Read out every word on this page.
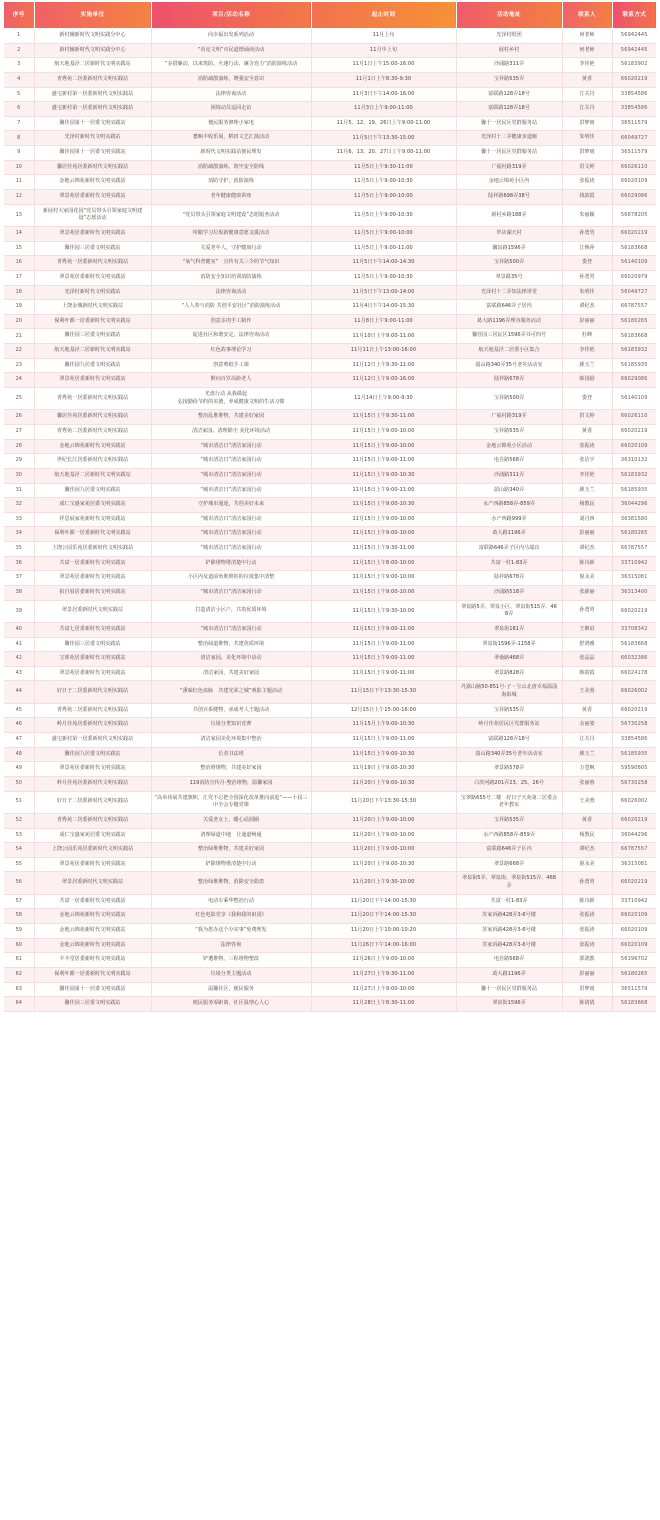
序号	实施单位	项目/活动名称	起止时间	活动地址	联系人	联系方式
1	新村辅新时代文明实践分中心	向幸福出发系列活动	11月上旬	光泽村组团	何老师	56942445
2	新村辅新时代文明实践分中心	“看见文明”市民道德诵读活动	11月中上旬	展村乡村	何老师	56942445
3	航天地基泾二居新时代文明实践站	“多措廉动，以来筑防、火速行动、廉含充力”消防演练活动	11月1日上午15:00-16:00	沙浦路311弄	李佳艳	56183902
4	青秀苑二居委新时代文明实践站	消防疏散演练，增强安全意识	11月1日上午8:30-9:30	宝昇路535弄	黄香	66020219
5	盛宅新村第一居委新时代文明实践站	法律咨询活动	11月3日下午14:00-16:00	富联路128弄18号	江关丹	33854586
6	盛宅新村第一居委新时代文明实践站	困境动员巡回走访	11月3日上午9:00-11:00	富联路128弄18号	江关丹	33854586
7	馨佳园第十一居委文明实践站	便民服务修理小家电	11月5、12、19、26日上午9:00-11:00	馨十一居民区党群服务站	洪梦雨	36511579
8	光泽村新时代文明实践站	耋晌丰收乐展，稻田文艺汇演活动	11月5日下午13:30-15:00	光泽村十二弄健康步道廊	朱明佳	66049727
9	馨佳园第十一居委文明实践站	新时代文明实践站便民理发	11月6、13、20、27日上午9:00-11:00	馨十一居民区党群服务站	洪梦雨	36511579
10	馨居佳苑居委新时代文明实践站	消防疏散演练、筑牢安全防线	11月5日上午9:30-11:00	广福村路319弄	洪文婷	66026110
11	金地云锦苑新时代文明实践站	消防守护，消防演练	11月5日上午9:00-10:30	金地云锦苑小区内	张振涛	66020109
12	翠景苑居委新时代文明实践站	老年健康健康讲座	11月5日上午9:00-10:00	陆祥路698弄38号	钱韵霞	66029086
13	新展村大家园花园“党员带头引领家庭文明建设”志愿活动	“党员带头引领家庭文明建设”志愿服务活动	11月5日上午9:00-10:30	新村乡路188弄	朱丽颖	56878205
14	翠景苑居委新时代文明实践站	垮跟学习垃圾新健康意愿支援活动	11月5日上午9:00-10:00	罗店湖天村	孙勇男	66020219
15	馨佳园三居委文明实践站	关爱老年人，守护健康行动	11月5日上午9:00-11:00	馨泉路1596弄	江焕萍	56183668
16	青秀苑一居委新时代文明实践站	“氧气科普健室”　宣传有关三令的节气知识	11月5日下午14:00-14:30	宝昇路500弄	娄登	56140109
17	翠景苑居委新时代文明实践站	消防安全知识培训消防演练	11月5日上午9:00-10:30	翠景路35号	孙勇男	66020979
18	光泽村新时代文明实践站	法律咨询活动	11月5日下午13:00-14:00	光泽村十二弄知法律讲堂	朱明佳	56049727
19	上饶金城新时代文明实践站	“人人参与消防 共创平安社区”消防演练活动	11月4日下午14:00-15:30	富联路646弄子居内	谭纪杰	66787557
20	保利叶都一居委新时代文明实践站	创意多肉手工制作	11月8日上午9:00-11:00	葛大路1196弄理容服务活动	彭丽丽	56180265
21	馨佳园三居委文明实践站	促进社区和谐安定，法律咨询活动	11月10日上午9:00-11:00	馨佳园三居民区1596弄书可四号	杜峰	56183668
22	航天地基泾二居新时代文明实践站	红色故事理论学习	11月11日上午13:00-16:00	航天地基泾二居委小区集合	李佳艳	56183932
23	馨佳园九居委文明实践站	创意剪纸手工课	11月12日上午9:30-11:00	韶山路340弄35号老年活动室	姚玉兰	56185935
24	翠景苑居委新时代文明实践站	默问百岁高龄老人	11月12日上午9:00-16:00	陆祥路678弄	韩国励	66029086
25	青秀苑一居委新时代文明实践站	光盘行动 从我做起  
弘扬勤俭节约的美德，养成健康文明的生活习惯	11月14日上午9:00-9:30	宝昇路500弄	娄登	56140109
26	馨居佳苑居委新时代文明实践站	整治乱堆堆物，共建美好家园	11月15日上午9:30-11:00	广福村路319弄	洪文婷	66026110
27	青秀苑二居委新时代文明实践站	清洁家园、清理除尘 美化环境活动	11月15日上午9:00-10:00	宝昇路535弄	黄香	66020219
28	金地云锦苑新时代文明实践站	“城市清洁日”清洁家园行动	11月15日上午9:00-10:00	金地云锦苑小区活动	张振涛	66020109
29	世纪长江居委新时代文明实践站	“城市清洁日”清洁家园行动	11月15日上午9:00-11:00	电自路568弄	张洁宇	36310132
30	航天地基泾二居新时代文明实践站	“城市清洁日”清洁家园行动	11月15日上午9:00-10:30	沙浦路311弄	李佳艳	56183932
31	馨佳园九居委文明实践站	“城市清洁日”清洁家园行动	11月15日上午9:00-11:00	韶山路340弄	姚玉兰	56185935
32	成仁宝盛家苑居委文明实践站	守护城市通途，共创美好未来	11月15日上午9:00-10:30	水产西路858弄-859弄	杨教民	36044296
33	祥思展家苑新时代文明实践站	“城市清洁日”清洁家园行动	11月15日上午9:00-10:00	水产西路999弄	刘丹西	36381580
34	保利叶都一居委新时代文明实践站	“城市清洁日”清洁家园行动	11月15日上午9:00-10:00	葛大路1196弄	彭丽丽	56180265
35	上饶公园乐苑居委新时代文明实践站	“城市清洁日”清洁家园行动	11月15日上午9:30-11:00	富联路646弄子区内马瑞店	谭纪杰	66787557
36	共富一居委新时代文明实践站	铲除堆物堆清楚中行动	11月15日上午8:00-10:00	共富一村1-83弄	陈诗新	33710942
37	翠景苑居委新时代文明实践站	小区内及道前角堆堆的的垃圾集中清整	11月15日上午9:00-10:00	陆祥路678弄	倪永美	36315081
38	拍自展居委新时代文明实践站	“城市清洁日”清洁家园行动	11月15日上午9:00-10:00	沙浦路518弄	张新丽	36313400
39	翠景居委新时代文明实践站	打造清洁小区户，共筑优质环境	11月15日上午9:30-10:00	翠泉路5弄、翠泉小区、翠泉街515弄、468弄	孙勇男	66020219
40	共富七居委新时代文明实践站	“城市清洁日”清洁家园行动	11月15日上午9:00-11:00	翠泉街181弄	王姬谊	33708342
41	馨佳园三居委文明实践站	整治绿道堆物、共建优质环境	11月15日上午9:00-11:00	翠泉街1596弄-1158弄	舒鸿雅	56183668
42	宝球苑居委新时代文明实践站	清洁家园，美化环境中活动	11月15日上午9:00-11:00	翠桑路468弄	张晶晶	66032386
43	翠景苑居委新时代文明实践站	清洁家园，共建美好家园	11月15日上午9:00-11:00	翠景路828弄	韩韵霞	66024178
44	好日子二居委新时代文明实践站	“熏味红色血脉　共建光荣之城”观影主题活动	11月15日下午13:30-15:30	丹露山脑50-851号-子・宝山北唐幸福温淄海影城	王美蓉	66026002
45	青秀苑二居委新时代文明实践站	共创百系健物，承成考人王题活动	12月15日上午15:00-16:00	宝昇路535弄	黄香	66020219
46	岭月佳苑居委新时代文明实践站	垃圾分类知识竞赛	11月15月上午9:00-10:30	岭月佳苑居民区党群服务站	余丽娄	56730258
47	盛宅新村第一居委新时代文明实践站	清洁家园美化环境集中整治	11月15日上午9:00-11:00	富联路128弄18号	江关丹	33854586
48	馨佳园九居委文明实践站	长者书法班	11月15日上午9:00-10:30	韶山路340弄35号老年活动室	姚玉兰	56185935
49	翠景苑居委新时代文明实践站	整治堆堆物，共建美好家园	11月19日上午9:00-10:30	翠景路578弄	万苍枫	59590805
50	岭月佳苑居委新时代文明实践站	119消防宣传月-整治堆物，温馨家园	11月20日上午9:00-10:30	白茨河路201弄23、25、26号	张丽蓉	56730258
51	好日子二居委新时代文明实践站	“高举伟展共建旗帜，汇党不忘把全国深化改革推向前进”——十届三中全会专题党课	11月20日下午13:30-15:30	宝翠路655号二楼　好日子天苑第二居委会老年教室	王美蓉	66026002
52	青秀苑二居委新时代文明实践站	关爱老女士，暖心谣圆圈	11月20日上午9:00-10:00	宝昇路535弄	黄香	66020219
53	成仁宝盛家苑居委文明实践站	清理绿道中地　让通道畅通	11月20日上午9:00-10:00	水产西路858弄-859弄	杨教民	36044296
54	上饶公园乐苑居委新时代文明实践站	整治绿堆堆物，共建美好家园	11月20日上午9:00-10:00	富联路646弄子区内	谭纪杰	66787557
55	翠景苑居委新时代文明实践站	铲除堆物堆清楚中行动	11月20日上午9:00-10:30	翠景路668弄	倪永美	36315081
56	翠景居委新时代文明实践站	整治绿堆堆物，消除安全隐患	11月20日上午9:30-10:00	翠泉街5弄、翠泉街、翠泉街515弄、468弄	孙勇男	66020219
57	共富一居委新时代文明实践站	电动车乘华整治行动	11月20日下午14:00-15:30	共富一村1-83弄	陈诗新	33710942
58	金地云锦苑新时代文明实践站	红色电影党享《我和我的祖国》	11月20日下午14:00-15:30	苏家浜路428弄3-6号楼	张振涛	66020109
59	金地云锦苑新时代文明实践站	“我为您办这个办实事”免费理发	11月20日上午10:00-10:20	苏家浜路428弄3-6号楼	张振涛	66020109
60	金地云锦苑新时代文明实践站	法律咨询	11月26日下午14:00-16:00	苏家浜路428弄3-6号楼	张振涛	66020109
61	丰丰堂居委新时代文明实践站	铲遭堆物、三程堆物整改	11月26日上午9:00-10:00	电自路568弄	郭鸽教	56196702
62	保利叶都一居委新时代文明实践站	垃圾分类主题活动	11月27日上午9:30-11:00	葛大路1196弄	彭丽丽	56180265
63	馨佳园第十一居委文明实践站	温馨社区，便民服务	11月27日上午9:00-10:00	馨十一居民区党群服务站	洪梦雨	36511579
64	馨佳园三居委文明实践站	便民服务零距离，社区温情心人心	11月28日上午8:30-11:00	翠泉街1596弄	陈倩倩	56183668
